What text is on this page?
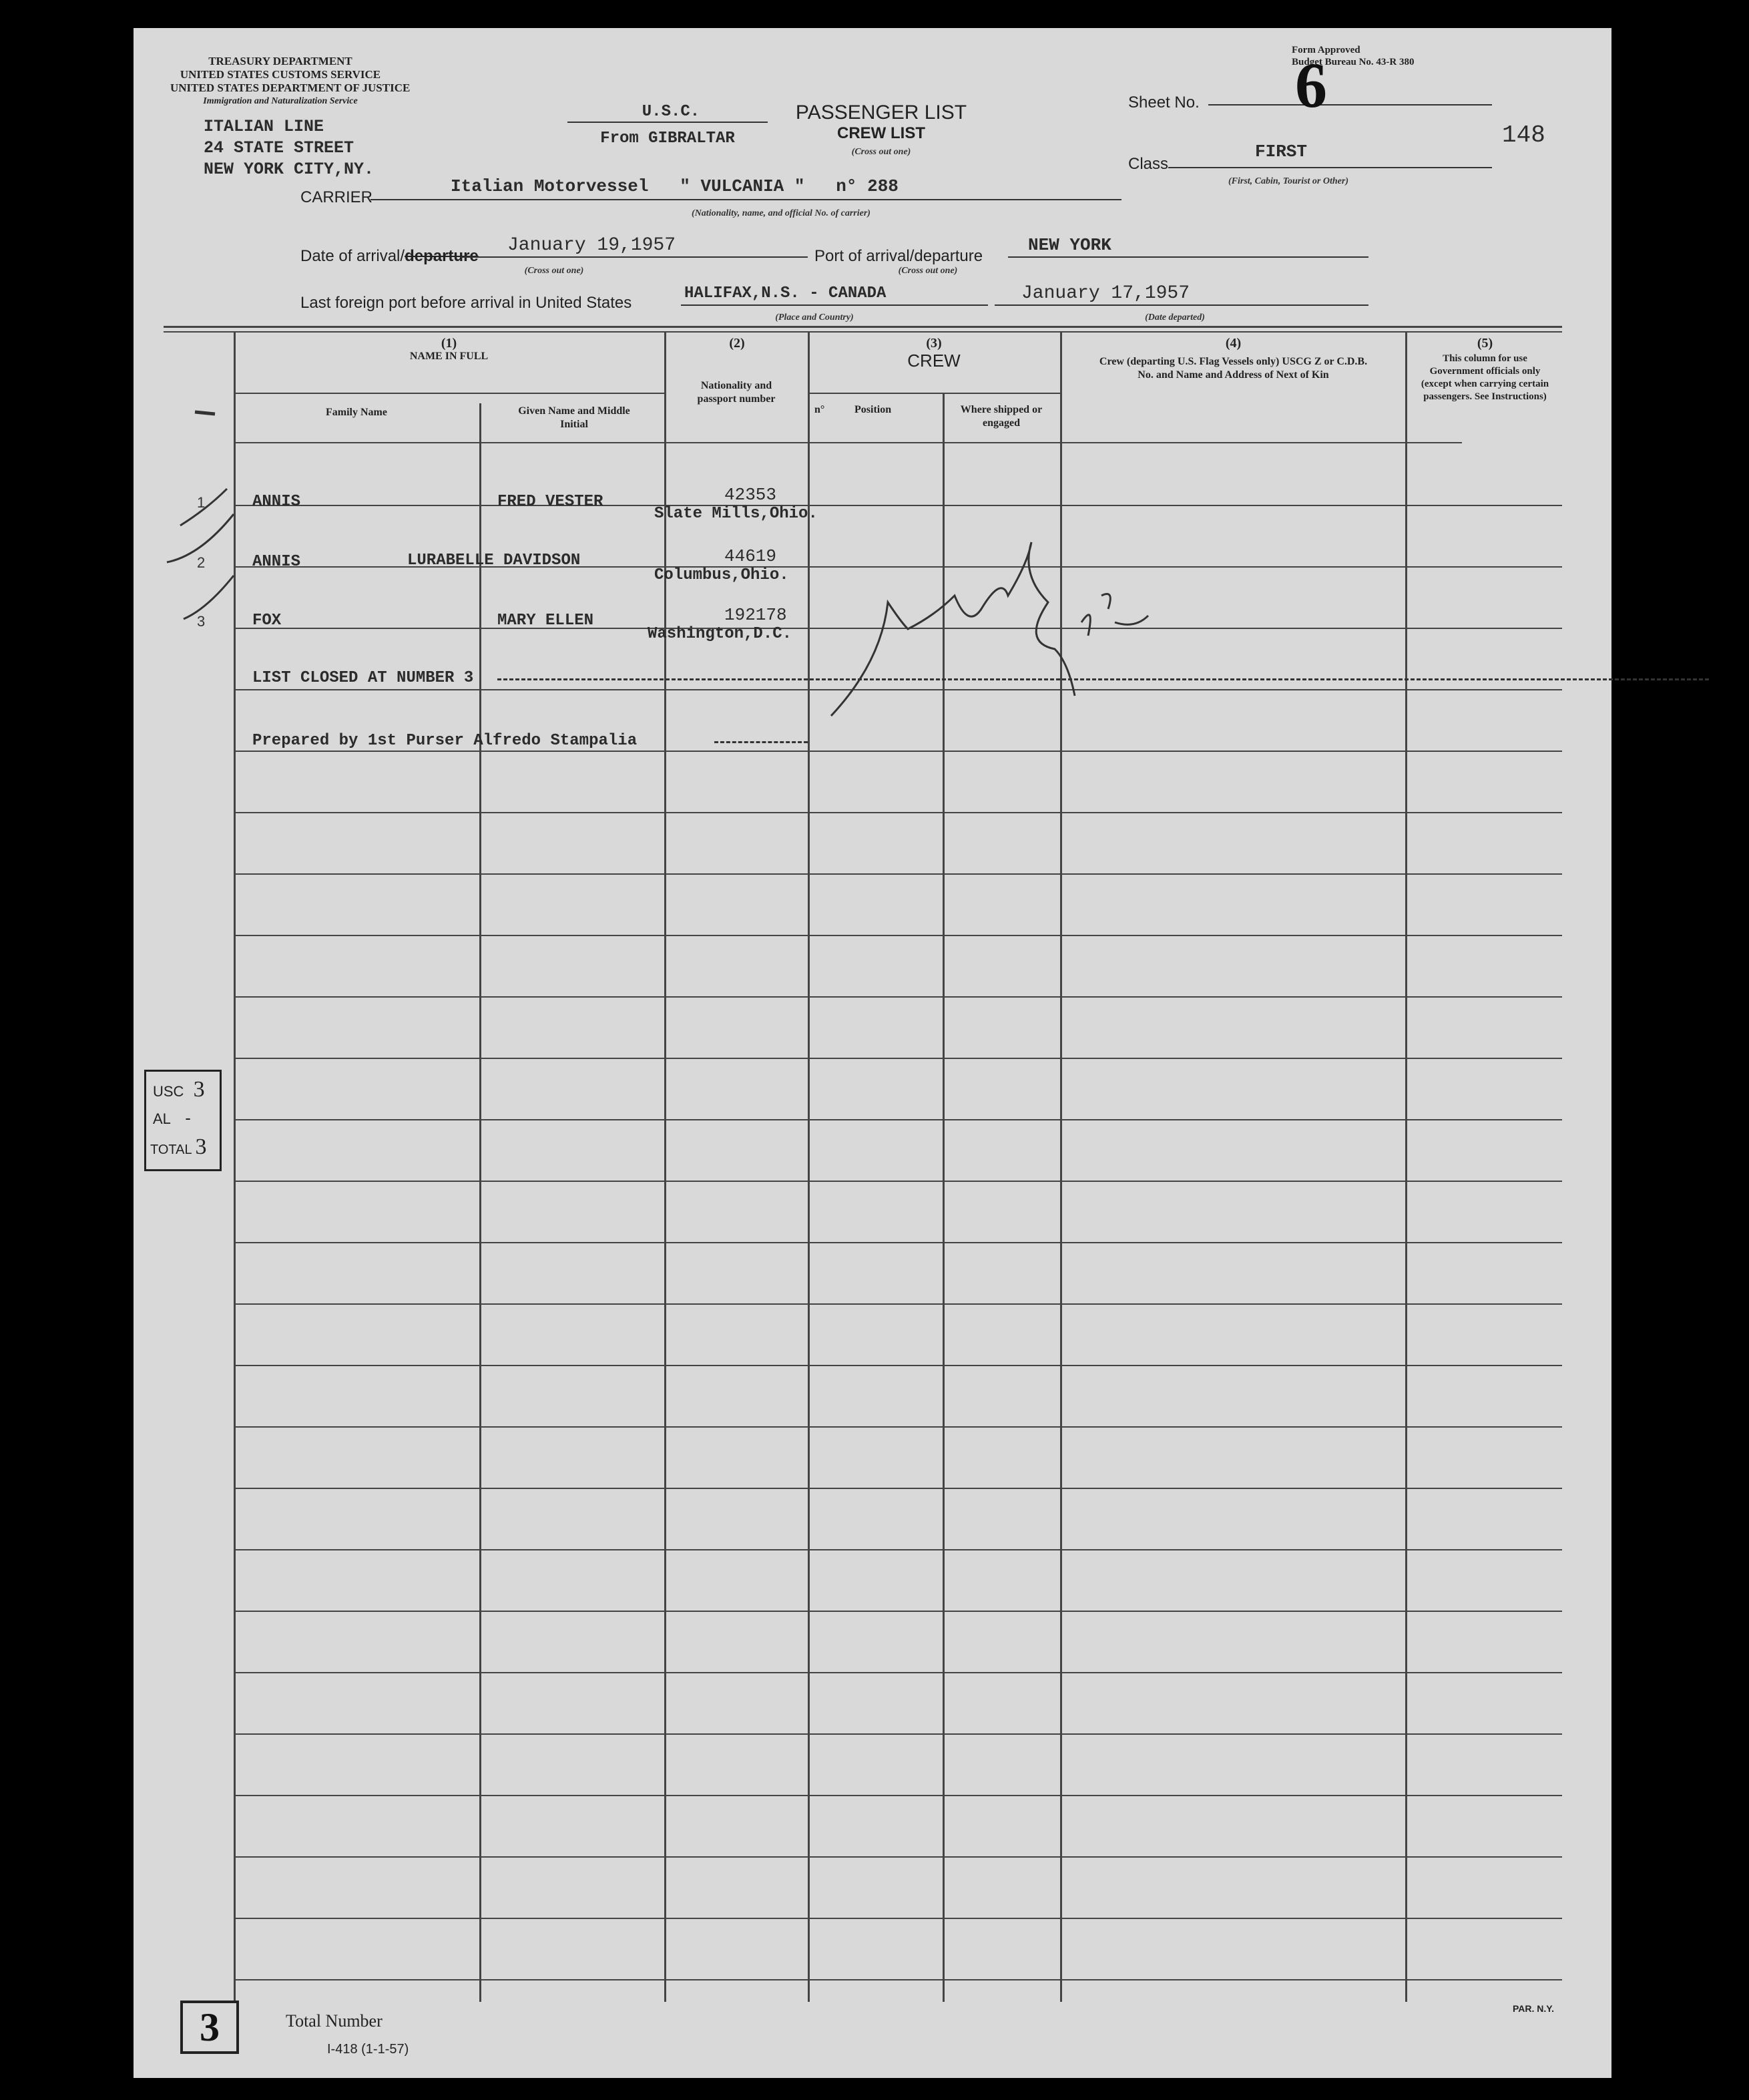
TREASURY DEPARTMENT
UNITED STATES CUSTOMS SERVICE
UNITED STATES DEPARTMENT OF JUSTICE
Immigration and Naturalization Service
Form Approved
Budget Bureau No. 43-R 380
ITALIAN LINE
24 STATE STREET
NEW YORK CITY,NY.
U.S.C.
From GIBRALTAR
PASSENGER LIST
CREW LIST
(Cross out one)
Sheet No. 6
148
FIRST
Class
(First, Cabin, Tourist or Other)
CARRIER
Italian Motorvessel   " VULCANIA "   n° 288
(Nationality, name, and official No. of carrier)
Date of arrival/departure
January 19,1957
(Cross out one)
Port of arrival/departure
NEW YORK
(Cross out one)
Last foreign port before arrival in United States
HALIFAX,N.S. - CANADA
(Place and Country)
January 17,1957
(Date departed)
(1)
NAME IN FULL
Family Name	Given Name and Middle Initial
(2)
Nationality and passport number
(3)
CREW
n°	Position	Where shipped or engaged
(4)
Crew (departing U.S. Flag Vessels only) USCG Z or C.D.B. No. and Name and Address of Next of Kin
(5)
This column for use Government officials only (except when carrying certain passengers. See Instructions)
1	ANNIS	FRED VESTER	42353
Slate Mills,Ohio.
2	ANNIS	LURABELLE DAVIDSON	44619
Columbus,Ohio.
3	FOX	MARY ELLEN	192178
Washington,D.C.
LIST CLOSED AT NUMBER 3
Prepared by 1st Purser Alfredo Stampalia
USC 3
AL -
TOTAL 3
3	Total Number
I-418 (1-1-57)
PAR. N.Y.
